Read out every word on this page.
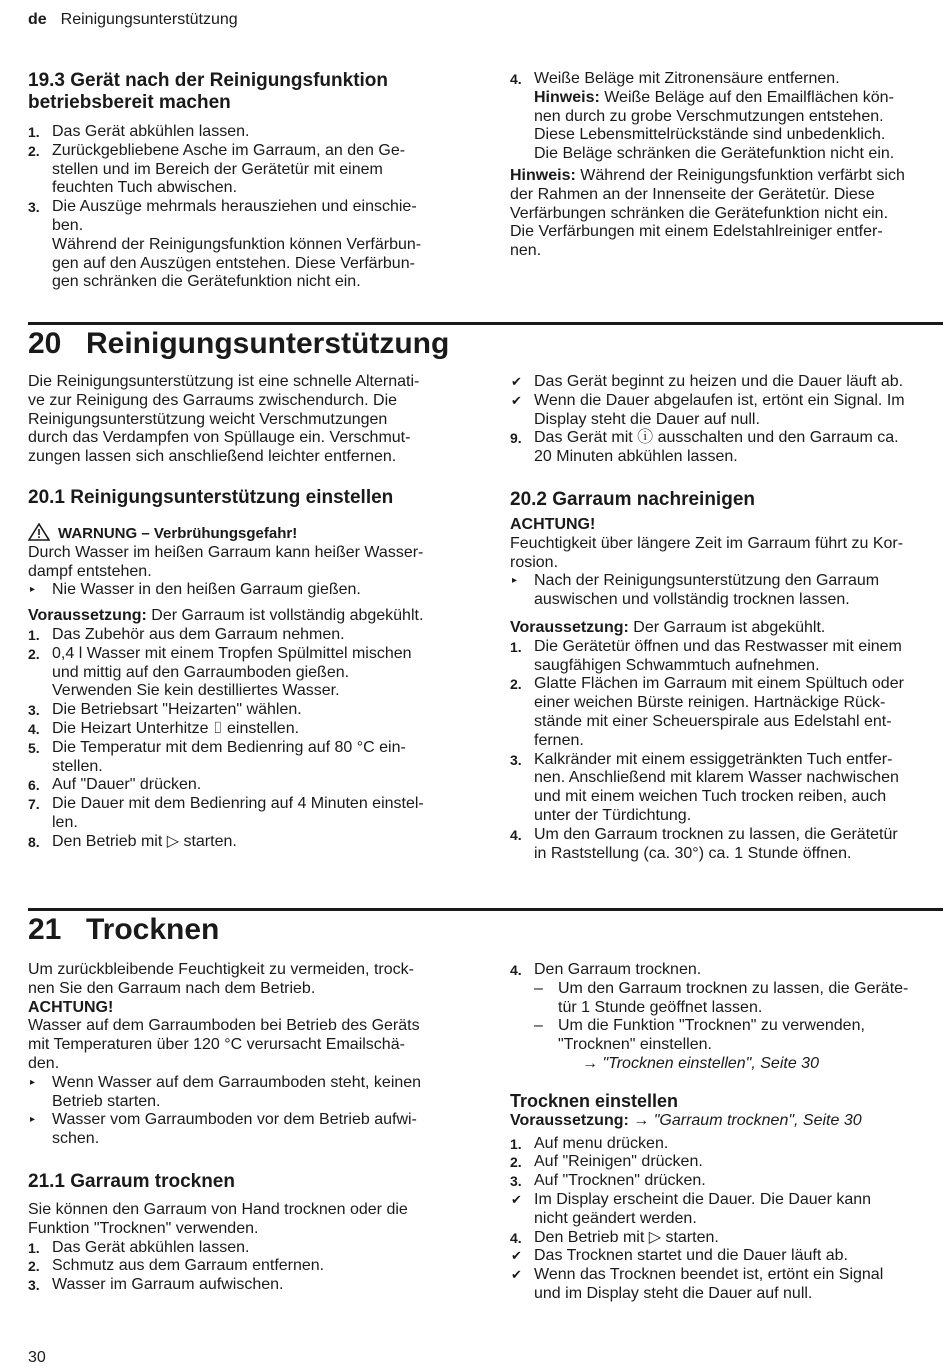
de Reinigungsunterstützung

19.3 Gerät nach der Reinigungsfunktion

betriebsbereit machen

1. Das Gerät abkühlen lassen.

2. Zurückgebliebene Asche im Garraum, an den Ge-

stellen und im Bereich der Gerätetür mit einem

feuchten Tuch abwischen.

3. Die Auszüge mehrmals herausziehen und einschie-

ben.

Während der Reinigungsfunktion können Verfärbun-

gen auf den Auszügen entstehen. Diese Verfärbun-

gen schränken die Gerätefunktion nicht ein.

4. Weiße Beläge mit Zitronensäure entfernen.

Hinweis: Weiße Beläge auf den Emailflächen kön-

nen durch zu grobe Verschmutzungen entstehen.

Diese Lebensmittelrückstände sind unbedenklich.

Die Beläge schränken die Gerätefunktion nicht ein.

Hinweis: Während der Reinigungsfunktion verfärbt sich

der Rahmen an der Innenseite der Gerätetür. Diese

Verfärbungen schränken die Gerätefunktion nicht ein.

Die Verfärbungen mit einem Edelstahlreiniger entfer-

nen.

20 Reinigungsunterstützung

Die Reinigungsunterstützung ist eine schnelle Alternati-

ve zur Reinigung des Garraums zwischendurch. Die

Reinigungsunterstützung weicht Verschmutzungen

durch das Verdampfen von Spüllauge ein. Verschmut-

zungen lassen sich anschließend leichter entfernen.

20.1 Reinigungsunterstützung einstellen

WARNUNG – Verbrühungsgefahr!

Durch Wasser im heißen Garraum kann heißer Wasser-

dampf entstehen.

▸ Nie Wasser in den heißen Garraum gießen.

Voraussetzung: Der Garraum ist vollständig abgekühlt.

1. Das Zubehör aus dem Garraum nehmen.

2. 0,4 l Wasser mit einem Tropfen Spülmittel mischen

und mittig auf den Garraumboden gießen.

Verwenden Sie kein destilliertes Wasser.

3. Die Betriebsart "Heizarten" wählen.

4. Die Heizart Unterhitze ⌷ einstellen.

5. Die Temperatur mit dem Bedienring auf 80 °C ein-

stellen.

6. Auf "Dauer" drücken.

7. Die Dauer mit dem Bedienring auf 4 Minuten einstel-

len.

8. Den Betrieb mit ▷ starten.

✔ Das Gerät beginnt zu heizen und die Dauer läuft ab.

✔ Wenn die Dauer abgelaufen ist, ertönt ein Signal. Im

Display steht die Dauer auf null.

9. Das Gerät mit ⓘ ausschalten und den Garraum ca.

20 Minuten abkühlen lassen.

20.2 Garraum nachreinigen

ACHTUNG!

Feuchtigkeit über längere Zeit im Garraum führt zu Kor-

rosion.

▸ Nach der Reinigungsunterstützung den Garraum

auswischen und vollständig trocknen lassen.

Voraussetzung: Der Garraum ist abgekühlt.

1. Die Gerätetür öffnen und das Restwasser mit einem

saugfähigen Schwammtuch aufnehmen.

2. Glatte Flächen im Garraum mit einem Spültuch oder

einer weichen Bürste reinigen. Hartnäckige Rück-

stände mit einer Scheuerspirale aus Edelstahl ent-

fernen.

3. Kalkränder mit einem essiggetränkten Tuch entfer-

nen. Anschließend mit klarem Wasser nachwischen

und mit einem weichen Tuch trocken reiben, auch

unter der Türdichtung.

4. Um den Garraum trocknen zu lassen, die Gerätetür

in Raststellung (ca. 30°) ca. 1 Stunde öffnen.

21 Trocknen

Um zurückbleibende Feuchtigkeit zu vermeiden, trock-

nen Sie den Garraum nach dem Betrieb.

ACHTUNG!

Wasser auf dem Garraumboden bei Betrieb des Geräts

mit Temperaturen über 120 °C verursacht Emailschä-

den.

▸ Wenn Wasser auf dem Garraumboden steht, keinen

Betrieb starten.

▸ Wasser vom Garraumboden vor dem Betrieb aufwi-

schen.

21.1 Garraum trocknen

Sie können den Garraum von Hand trocknen oder die

Funktion "Trocknen" verwenden.

1. Das Gerät abkühlen lassen.

2. Schmutz aus dem Garraum entfernen.

3. Wasser im Garraum aufwischen.

4. Den Garraum trocknen.

– Um den Garraum trocknen zu lassen, die Geräte-

tür 1 Stunde geöffnet lassen.

– Um die Funktion "Trocknen" zu verwenden,

"Trocknen" einstellen.

→ "Trocknen einstellen", Seite 30

Trocknen einstellen

Voraussetzung: → "Garraum trocknen", Seite 30

1. Auf menu drücken.

2. Auf "Reinigen" drücken.

3. Auf "Trocknen" drücken.

✔ Im Display erscheint die Dauer. Die Dauer kann

nicht geändert werden.

4. Den Betrieb mit ▷ starten.

✔ Das Trocknen startet und die Dauer läuft ab.

✔ Wenn das Trocknen beendet ist, ertönt ein Signal

und im Display steht die Dauer auf null.

30
